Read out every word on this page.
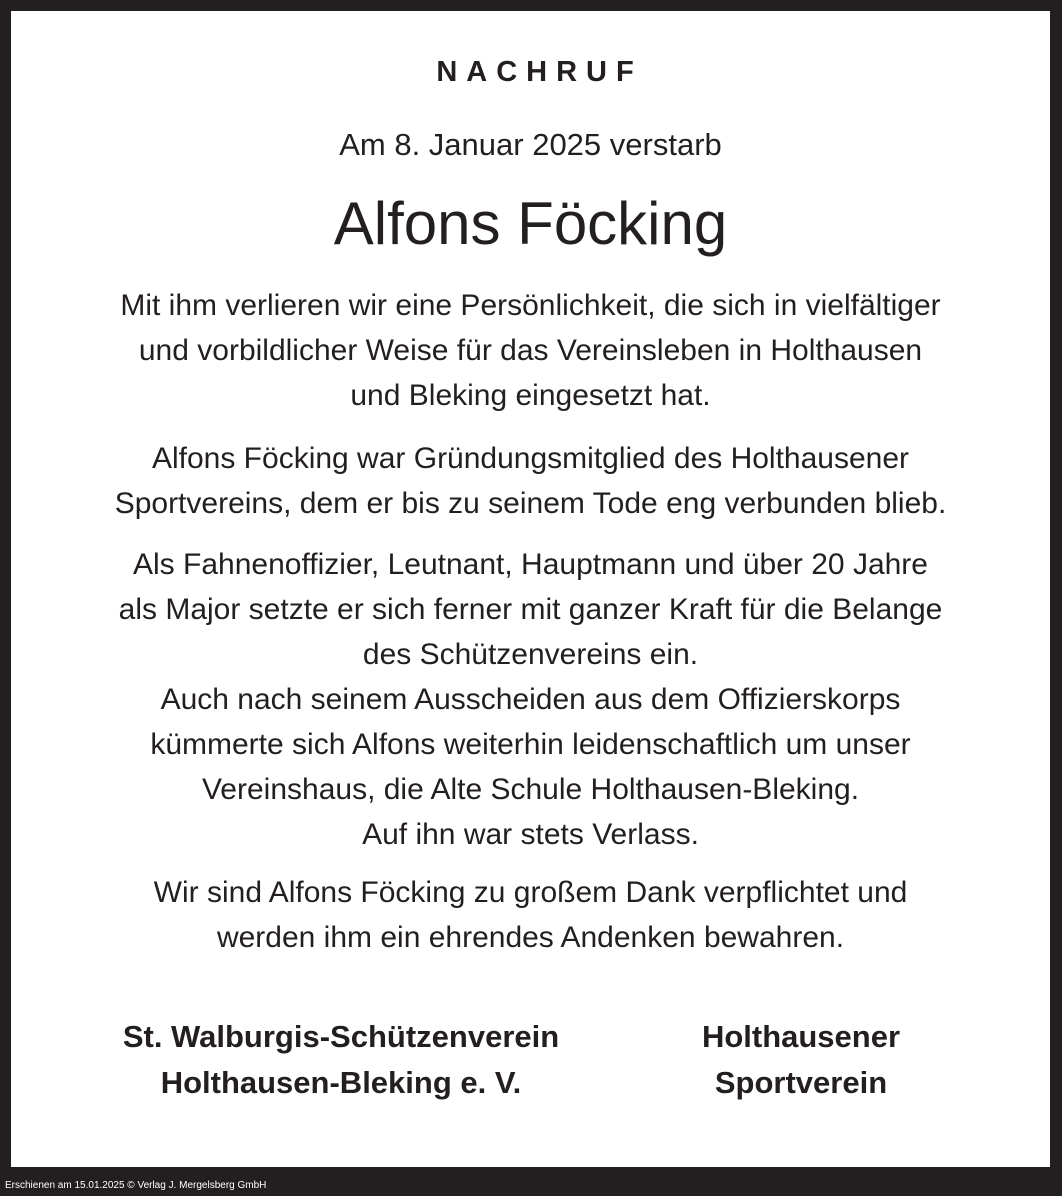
NACHRUF
Am 8. Januar 2025 verstarb
Alfons Föcking
Mit ihm verlieren wir eine Persönlichkeit, die sich in vielfältiger
und vorbildlicher Weise für das Vereinsleben in Holthausen
und Bleking eingesetzt hat.
Alfons Föcking war Gründungsmitglied des Holthausener
Sportvereins, dem er bis zu seinem Tode eng verbunden blieb.
Als Fahnenoffizier, Leutnant, Hauptmann und über 20 Jahre
als Major setzte er sich ferner mit ganzer Kraft für die Belange
des Schützenvereins ein.
Auch nach seinem Ausscheiden aus dem Offizierskorps
kümmerte sich Alfons weiterhin leidenschaftlich um unser
Vereinshaus, die Alte Schule Holthausen-Bleking.
Auf ihn war stets Verlass.
Wir sind Alfons Föcking zu großem Dank verpflichtet und
werden ihm ein ehrendes Andenken bewahren.
St. Walburgis-Schützenverein
Holthausen-Bleking e. V.
Holthausener
Sportverein
Erschienen am 15.01.2025 © Verlag J. Mergelsberg GmbH
